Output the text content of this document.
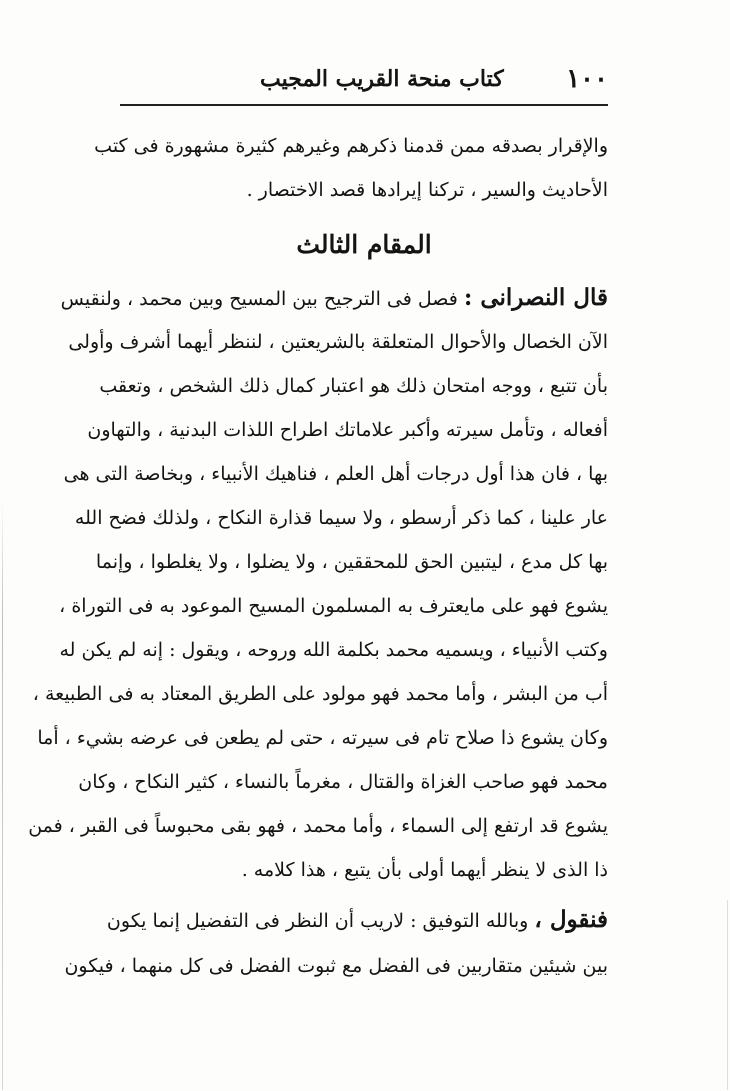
١٠٠
كتاب منحة القريب المجيب
والإقرار بصدقه ممن قدمنا ذكرهم وغيرهم كثيرة مشهورة فى كتب
الأحاديث والسير ، تركنا إيرادها قصد الاختصار .
المقام الثالث
قال النصرانى : فصل فى الترجيح بين المسيح وبين محمد ، ولنقيس
الآن الخصال والأحوال المتعلقة بالشريعتين ، لننظر أيهما أشرف وأولى
بأن تتبع ، ووجه امتحان ذلك هو اعتبار كمال ذلك الشخص ، وتعقب
أفعاله ، وتأمل سيرته وأكبر علاماتك اطراح اللذات البدنية ، والتهاون
بها ، فان هذا أول درجات أهل العلم ، فناهيك الأنبياء ، وبخاصة التى هى
عار علينا ، كما ذكر أرسطو ، ولا سيما قذارة النكاح ، ولذلك فضح الله
بها كل مدع ، ليتبين الحق للمحققين ، ولا يضلوا ، ولا يغلطوا ، وإنما
يشوع فهو على مايعترف به المسلمون المسيح الموعود به فى التوراة ،
وكتب الأنبياء ، ويسميه محمد بكلمة الله وروحه ، ويقول : إنه لم يكن له
أب من البشر ، وأما محمد فهو مولود على الطريق المعتاد به فى الطبيعة ،
وكان يشوع ذا صلاح تام فى سيرته ، حتى لم يطعن فى عرضه بشيء ، أما
محمد فهو صاحب الغزاة والقتال ، مغرماً بالنساء ، كثير النكاح ، وكان
يشوع قد ارتفع إلى السماء ، وأما محمد ، فهو بقى محبوساً فى القبر ، فمن
ذا الذى لا ينظر أيهما أولى بأن يتبع ، هذا كلامه .
فنقول ، وبالله التوفيق : لاريب أن النظر فى التفضيل إنما يكون
بين شيئين متقاربين فى الفضل مع ثبوت الفضل فى كل منهما ، فيكون
